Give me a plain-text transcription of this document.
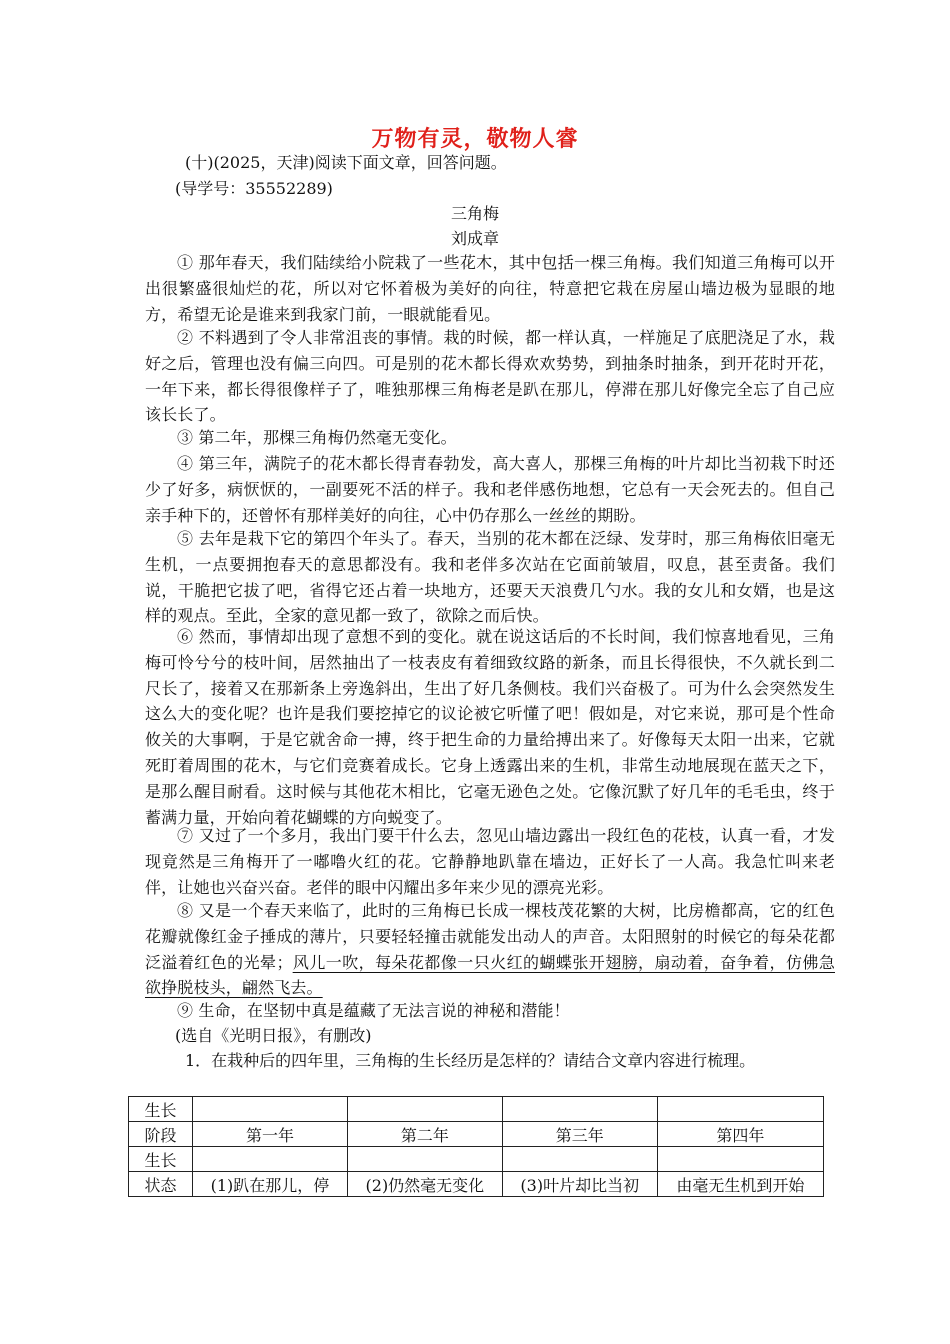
万物有灵，敬物人睿
(十)(2025，天津)阅读下面文章，回答问题。
(导学号：35552289)
三角梅
刘成章
① 那年春天，我们陆续给小院栽了一些花木，其中包括一棵三角梅。我们知道三角梅可以开出很繁盛很灿烂的花，所以对它怀着极为美好的向往，特意把它栽在房屋山墙边极为显眼的地方，希望无论是谁来到我家门前，一眼就能看见。
② 不料遇到了令人非常沮丧的事情。栽的时候，都一样认真，一样施足了底肥浇足了水，栽好之后，管理也没有偏三向四。可是别的花木都长得欢欢势势，到抽条时抽条，到开花时开花，一年下来，都长得很像样子了，唯独那棵三角梅老是趴在那儿，停滞在那儿好像完全忘了自己应该长长了。
③ 第二年，那棵三角梅仍然毫无变化。
④ 第三年，满院子的花木都长得青春勃发，高大喜人，那棵三角梅的叶片却比当初栽下时还少了好多，病恹恹的，一副要死不活的样子。我和老伴感伤地想，它总有一天会死去的。但自己亲手种下的，还曾怀有那样美好的向往，心中仍存那么一丝丝的期盼。
⑤ 去年是栽下它的第四个年头了。春天，当别的花木都在泛绿、发芽时，那三角梅依旧毫无生机，一点要拥抱春天的意思都没有。我和老伴多次站在它面前皱眉，叹息，甚至责备。我们说，干脆把它拔了吧，省得它还占着一块地方，还要天天浪费几勺水。我的女儿和女婿，也是这样的观点。至此，全家的意见都一致了，欲除之而后快。
⑥ 然而，事情却出现了意想不到的变化。就在说这话后的不长时间，我们惊喜地看见，三角梅可怜兮兮的枝叶间，居然抽出了一枝表皮有着细致纹路的新条，而且长得很快，不久就长到二尺长了，接着又在那新条上旁逸斜出，生出了好几条侧枝。我们兴奋极了。可为什么会突然发生这么大的变化呢？也许是我们要挖掉它的议论被它听懂了吧！假如是，对它来说，那可是个性命攸关的大事啊，于是它就舍命一搏，终于把生命的力量给搏出来了。好像每天太阳一出来，它就死盯着周围的花木，与它们竞赛着成长。它身上透露出来的生机，非常生动地展现在蓝天之下，是那么醒目耐看。这时候与其他花木相比，它毫无逊色之处。它像沉默了好几年的毛毛虫，终于蓄满力量，开始向着花蝴蝶的方向蜕变了。
⑦ 又过了一个多月，我出门要干什么去，忽见山墙边露出一段红色的花枝，认真一看，才发现竟然是三角梅开了一嘟噜火红的花。它静静地趴靠在墙边，正好长了一人高。我急忙叫来老伴，让她也兴奋兴奋。老伴的眼中闪耀出多年来少见的漂亮光彩。
⑧ 又是一个春天来临了，此时的三角梅已长成一棵枝茂花繁的大树，比房檐都高，它的红色花瓣就像红金子捶成的薄片，只要轻轻撞击就能发出动人的声音。太阳照射的时候它的每朵花都泛溢着红色的光晕；风儿一吹，每朵花都像一只火红的蝴蝶张开翅膀，扇动着，奋争着，仿佛急欲挣脱枝头，翩然飞去。
⑨ 生命，在坚韧中真是蕴藏了无法言说的神秘和潜能！
(选自《光明日报》，有删改)
1．在栽种后的四年里，三角梅的生长经历是怎样的？请结合文章内容进行梳理。
生长				
阶段	第一年	第二年	第三年	第四年
生长				
状态	(1)趴在那儿，停	(2)仍然毫无变化	(3)叶片却比当初	由毫无生机到开始
